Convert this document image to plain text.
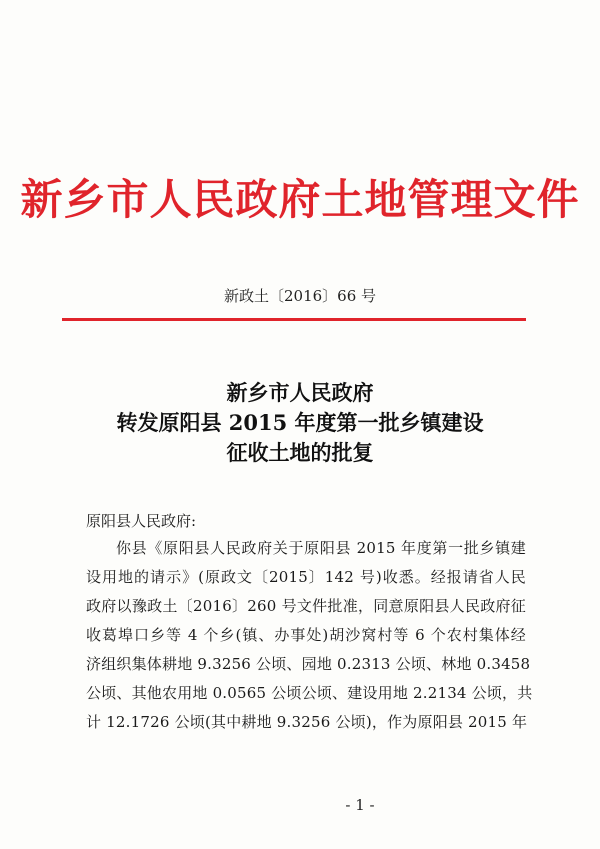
新乡市人民政府土地管理文件
新政土〔2016〕66 号
新乡市人民政府
转发原阳县 2015 年度第一批乡镇建设
征收土地的批复
原阳县人民政府:
你县《原阳县人民政府关于原阳县 2015 年度第一批乡镇建
设用地的请示》(原政文〔2015〕142 号)收悉。经报请省人民
政府以豫政土〔2016〕260 号文件批准，同意原阳县人民政府征
收葛埠口乡等 4 个乡(镇、办事处)胡沙窝村等 6 个农村集体经
济组织集体耕地 9.3256 公顷、园地 0.2313 公顷、林地 0.3458
公顷、其他农用地 0.0565 公顷公顷、建设用地 2.2134 公顷，共
计 12.1726 公顷(其中耕地 9.3256 公顷)，作为原阳县 2015 年
- 1 -
